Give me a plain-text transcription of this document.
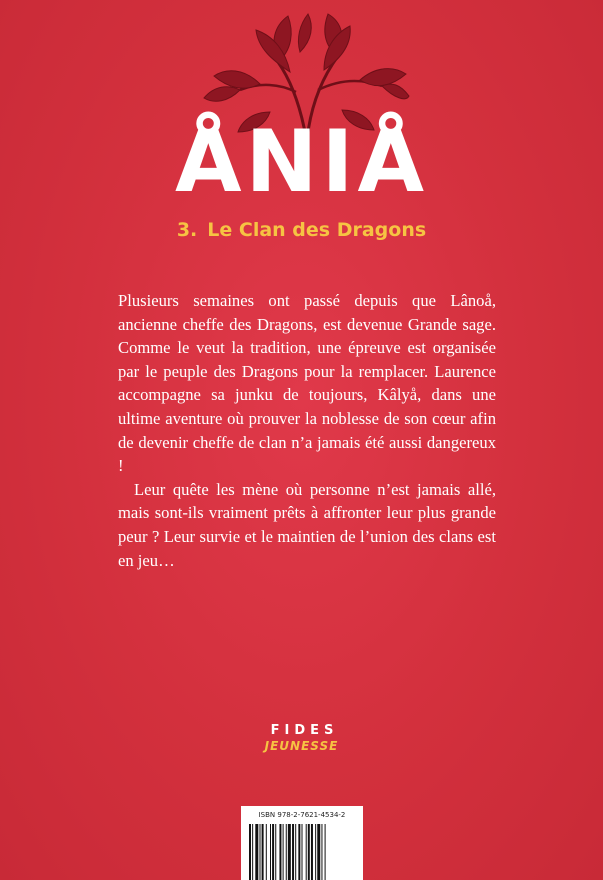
ÅNIÅ
3. Le Clan des Dragons

Plusieurs semaines ont passé depuis que Lânoå, ancienne cheffe des Dragons, est devenue Grande sage. Comme le veut la tradition, une épreuve est organisée par le peuple des Dragons pour la remplacer. Laurence accompagne sa junku de toujours, Kâlyå, dans une ultime aventure où prouver la noblesse de son cœur afin de devenir cheffe de clan n’a jamais été aussi dangereux !

Leur quête les mène où personne n’est jamais allé, mais sont-ils vraiment prêts à affronter leur plus grande peur ? Leur survie et le maintien de l’union des clans est en jeu…

FIDES
JEUNESSE
ISBN 978-2-7621-4534-2
